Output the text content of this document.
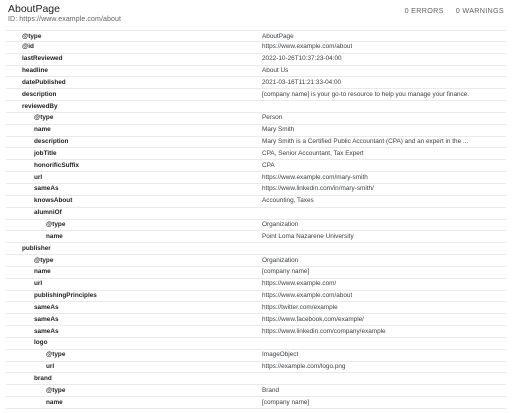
AboutPage
ID: https://www.example.com/about
0 ERRORS 0 WARNINGS
@type	AboutPage
@id	https://www.example.com/about
lastReviewed	2022-10-26T10:37:23-04:00
headline	About Us
datePublished	2021-03-16T11:21:33-04:00
description	[company name] is your go-to resource to help you manage your finance.
reviewedBy
@type	Person
name	Mary Smith
description	Mary Smith is a Certified Public Accountant (CPA) and an expert in the ...
jobTitle	CPA, Senior Accountant, Tax Expert
honorificSuffix	CPA
url	https://www.example.com/mary-smith
sameAs	https://www.linkedin.com/in/mary-smith/
knowsAbout	Accounting, Taxes
alumniOf
@type	Organization
name	Point Loma Nazarene University
publisher
@type	Organization
name	[company name]
url	https://www.example.com/
publishingPrinciples	https://www.example.com/about
sameAs	https://twitter.com/example
sameAs	https://www.facebook.com/example/
sameAs	https://www.linkedin.com/company/example
logo
@type	ImageObject
url	https://example.com/logo.png
brand
@type	Brand
name	[company name]
